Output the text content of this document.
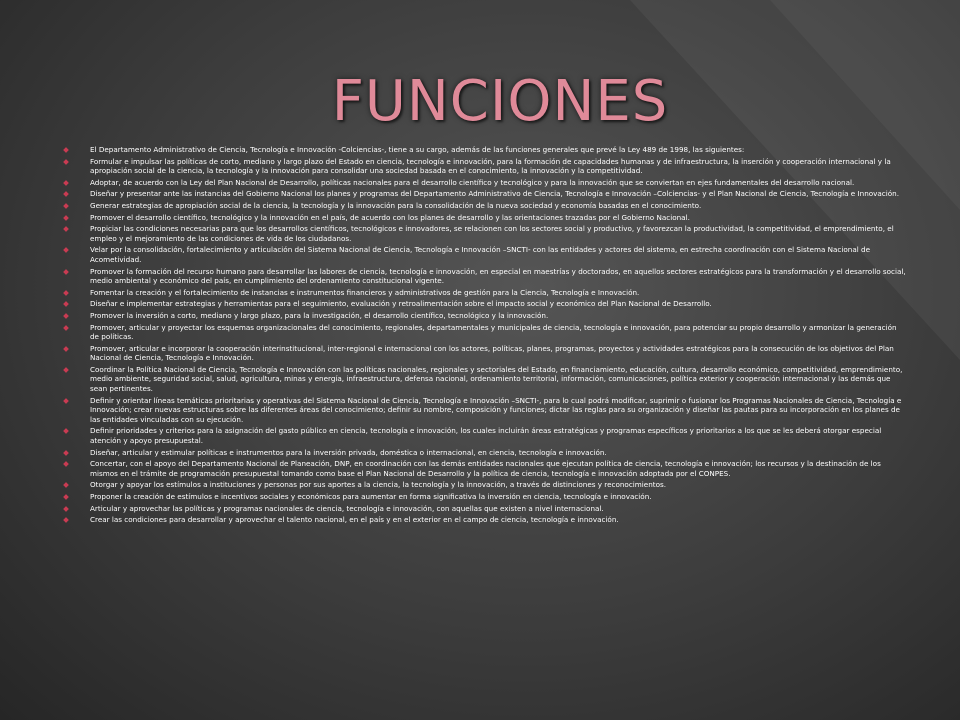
FUNCIONES
El Departamento Administrativo de Ciencia, Tecnología e Innovación -Colciencias-, tiene a su cargo, además de las funciones generales que prevé la Ley 489 de 1998, las siguientes:
Formular e impulsar las políticas de corto, mediano y largo plazo del Estado en ciencia, tecnología e innovación, para la formación de capacidades humanas y de infraestructura, la inserción y cooperación internacional y la apropiación social de la ciencia, la tecnología y la innovación para consolidar una sociedad basada en el conocimiento, la innovación y la competitividad.
Adoptar, de acuerdo con la Ley del Plan Nacional de Desarrollo, políticas nacionales para el desarrollo científico y tecnológico y para la innovación que se conviertan en ejes fundamentales del desarrollo nacional.
Diseñar y presentar ante las instancias del Gobierno Nacional los planes y programas del Departamento Administrativo de Ciencia, Tecnología e Innovación –Colciencias- y el Plan Nacional de Ciencia, Tecnología e Innovación.
Generar estrategias de apropiación social de la ciencia, la tecnología y la innovación para la consolidación de la nueva sociedad y economía basadas en el conocimiento.
Promover el desarrollo científico, tecnológico y la innovación en el país, de acuerdo con los planes de desarrollo y las orientaciones trazadas por el Gobierno Nacional.
Propiciar las condiciones necesarias para que los desarrollos científicos, tecnológicos e innovadores, se relacionen con los sectores social y productivo, y favorezcan la productividad, la competitividad, el emprendimiento, el empleo y el mejoramiento de las condiciones de vida de los ciudadanos.
Velar por la consolidación, fortalecimiento y articulación del Sistema Nacional de Ciencia, Tecnología e Innovación –SNCTI- con las entidades y actores del sistema, en estrecha coordinación con el Sistema Nacional de Acometividad.
Promover la formación del recurso humano para desarrollar las labores de ciencia, tecnología e innovación, en especial en maestrías y doctorados, en aquellos sectores estratégicos para la transformación y el desarrollo social, medio ambiental y económico del país, en cumplimiento del ordenamiento constitucional vigente.
Fomentar la creación y el fortalecimiento de instancias e instrumentos financieros y administrativos de gestión para la Ciencia, Tecnología e Innovación.
Diseñar e implementar estrategias y herramientas para el seguimiento, evaluación y retroalimentación sobre el impacto social y económico del Plan Nacional de Desarrollo.
Promover la inversión a corto, mediano y largo plazo, para la investigación, el desarrollo científico, tecnológico y la innovación.
Promover, articular y proyectar los esquemas organizacionales del conocimiento, regionales, departamentales y municipales de ciencia, tecnología e innovación, para potenciar su propio desarrollo y armonizar la generación de políticas.
Promover, articular e incorporar la cooperación interinstitucional, inter-regional e internacional con los actores, políticas, planes, programas, proyectos y actividades estratégicos para la consecución de los objetivos del Plan Nacional de Ciencia, Tecnología e Innovación.
Coordinar la Política Nacional de Ciencia, Tecnología e Innovación con las políticas nacionales, regionales y sectoriales del Estado, en financiamiento, educación, cultura, desarrollo económico, competitividad, emprendimiento, medio ambiente, seguridad social, salud, agricultura, minas y energía, infraestructura, defensa nacional, ordenamiento territorial, información, comunicaciones, política exterior y cooperación internacional y las demás que sean pertinentes.
Definir y orientar líneas temáticas prioritarias y operativas del Sistema Nacional de Ciencia, Tecnología e Innovación –SNCTI-, para lo cual podrá modificar, suprimir o fusionar los Programas Nacionales de Ciencia, Tecnología e Innovación; crear nuevas estructuras sobre las diferentes áreas del conocimiento; definir su nombre, composición y funciones; dictar las reglas para su organización y diseñar las pautas para su incorporación en los planes de las entidades vinculadas con su ejecución.
Definir prioridades y criterios para la asignación del gasto público en ciencia, tecnología e innovación, los cuales incluirán áreas estratégicas y programas específicos y prioritarios a los que se les deberá otorgar especial atención y apoyo presupuestal.
Diseñar, articular y estimular políticas e instrumentos para la inversión privada, doméstica o internacional, en ciencia, tecnología e innovación.
Concertar, con el apoyo del Departamento Nacional de Planeación, DNP, en coordinación con las demás entidades nacionales que ejecutan política de ciencia, tecnología e innovación; los recursos y la destinación de los mismos en el trámite de programación presupuestal tomando como base el Plan Nacional de Desarrollo y la política de ciencia, tecnología e innovación adoptada por el CONPES.
Otorgar y apoyar los estímulos a instituciones y personas por sus aportes a la ciencia, la tecnología y la innovación, a través de distinciones y reconocimientos.
Proponer la creación de estímulos e incentivos sociales y económicos para aumentar en forma significativa la inversión en ciencia, tecnología e innovación.
Articular y aprovechar las políticas y programas nacionales de ciencia, tecnología e innovación, con aquellas que existen a nivel internacional.
Crear las condiciones para desarrollar y aprovechar el talento nacional, en el país y en el exterior en el campo de ciencia, tecnología e innovación.
